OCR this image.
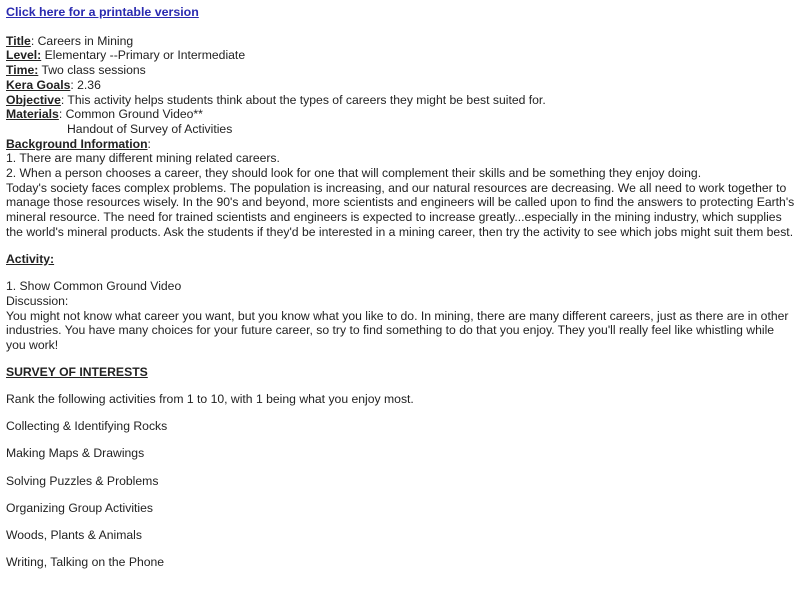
Click here for a printable version
Title: Careers in Mining
Level: Elementary --Primary or Intermediate
Time: Two class sessions
Kera Goals: 2.36
Objective: This activity helps students think about the types of careers they might be best suited for.
Materials: Common Ground Video**
Handout of Survey of Activities
Background Information:
1. There are many different mining related careers.
2. When a person chooses a career, they should look for one that will complement their skills and be something they enjoy doing.

Today's society faces complex problems. The population is increasing, and our natural resources are decreasing. We all need to work together to manage those resources wisely. In the 90's and beyond, more scientists and engineers will be called upon to find the answers to protecting Earth's mineral resource. The need for trained scientists and engineers is expected to increase greatly...especially in the mining industry, which supplies the world's mineral products. Ask the students if they'd be interested in a mining career, then try the activity to see which jobs might suit them best.

Activity:
1. Show Common Ground Video
Discussion:

You might not know what career you want, but you know what you like to do. In mining, there are many different careers, just as there are in other industries. You have many choices for your future career, so try to find something to do that you enjoy. They you'll really feel like whistling while you work!

SURVEY OF INTERESTS
Rank the following activities from 1 to 10, with 1 being what you enjoy most.
Collecting & Identifying Rocks
Making Maps & Drawings
Solving Puzzles & Problems
Organizing Group Activities
Woods, Plants & Animals
Writing, Talking on the Phone
